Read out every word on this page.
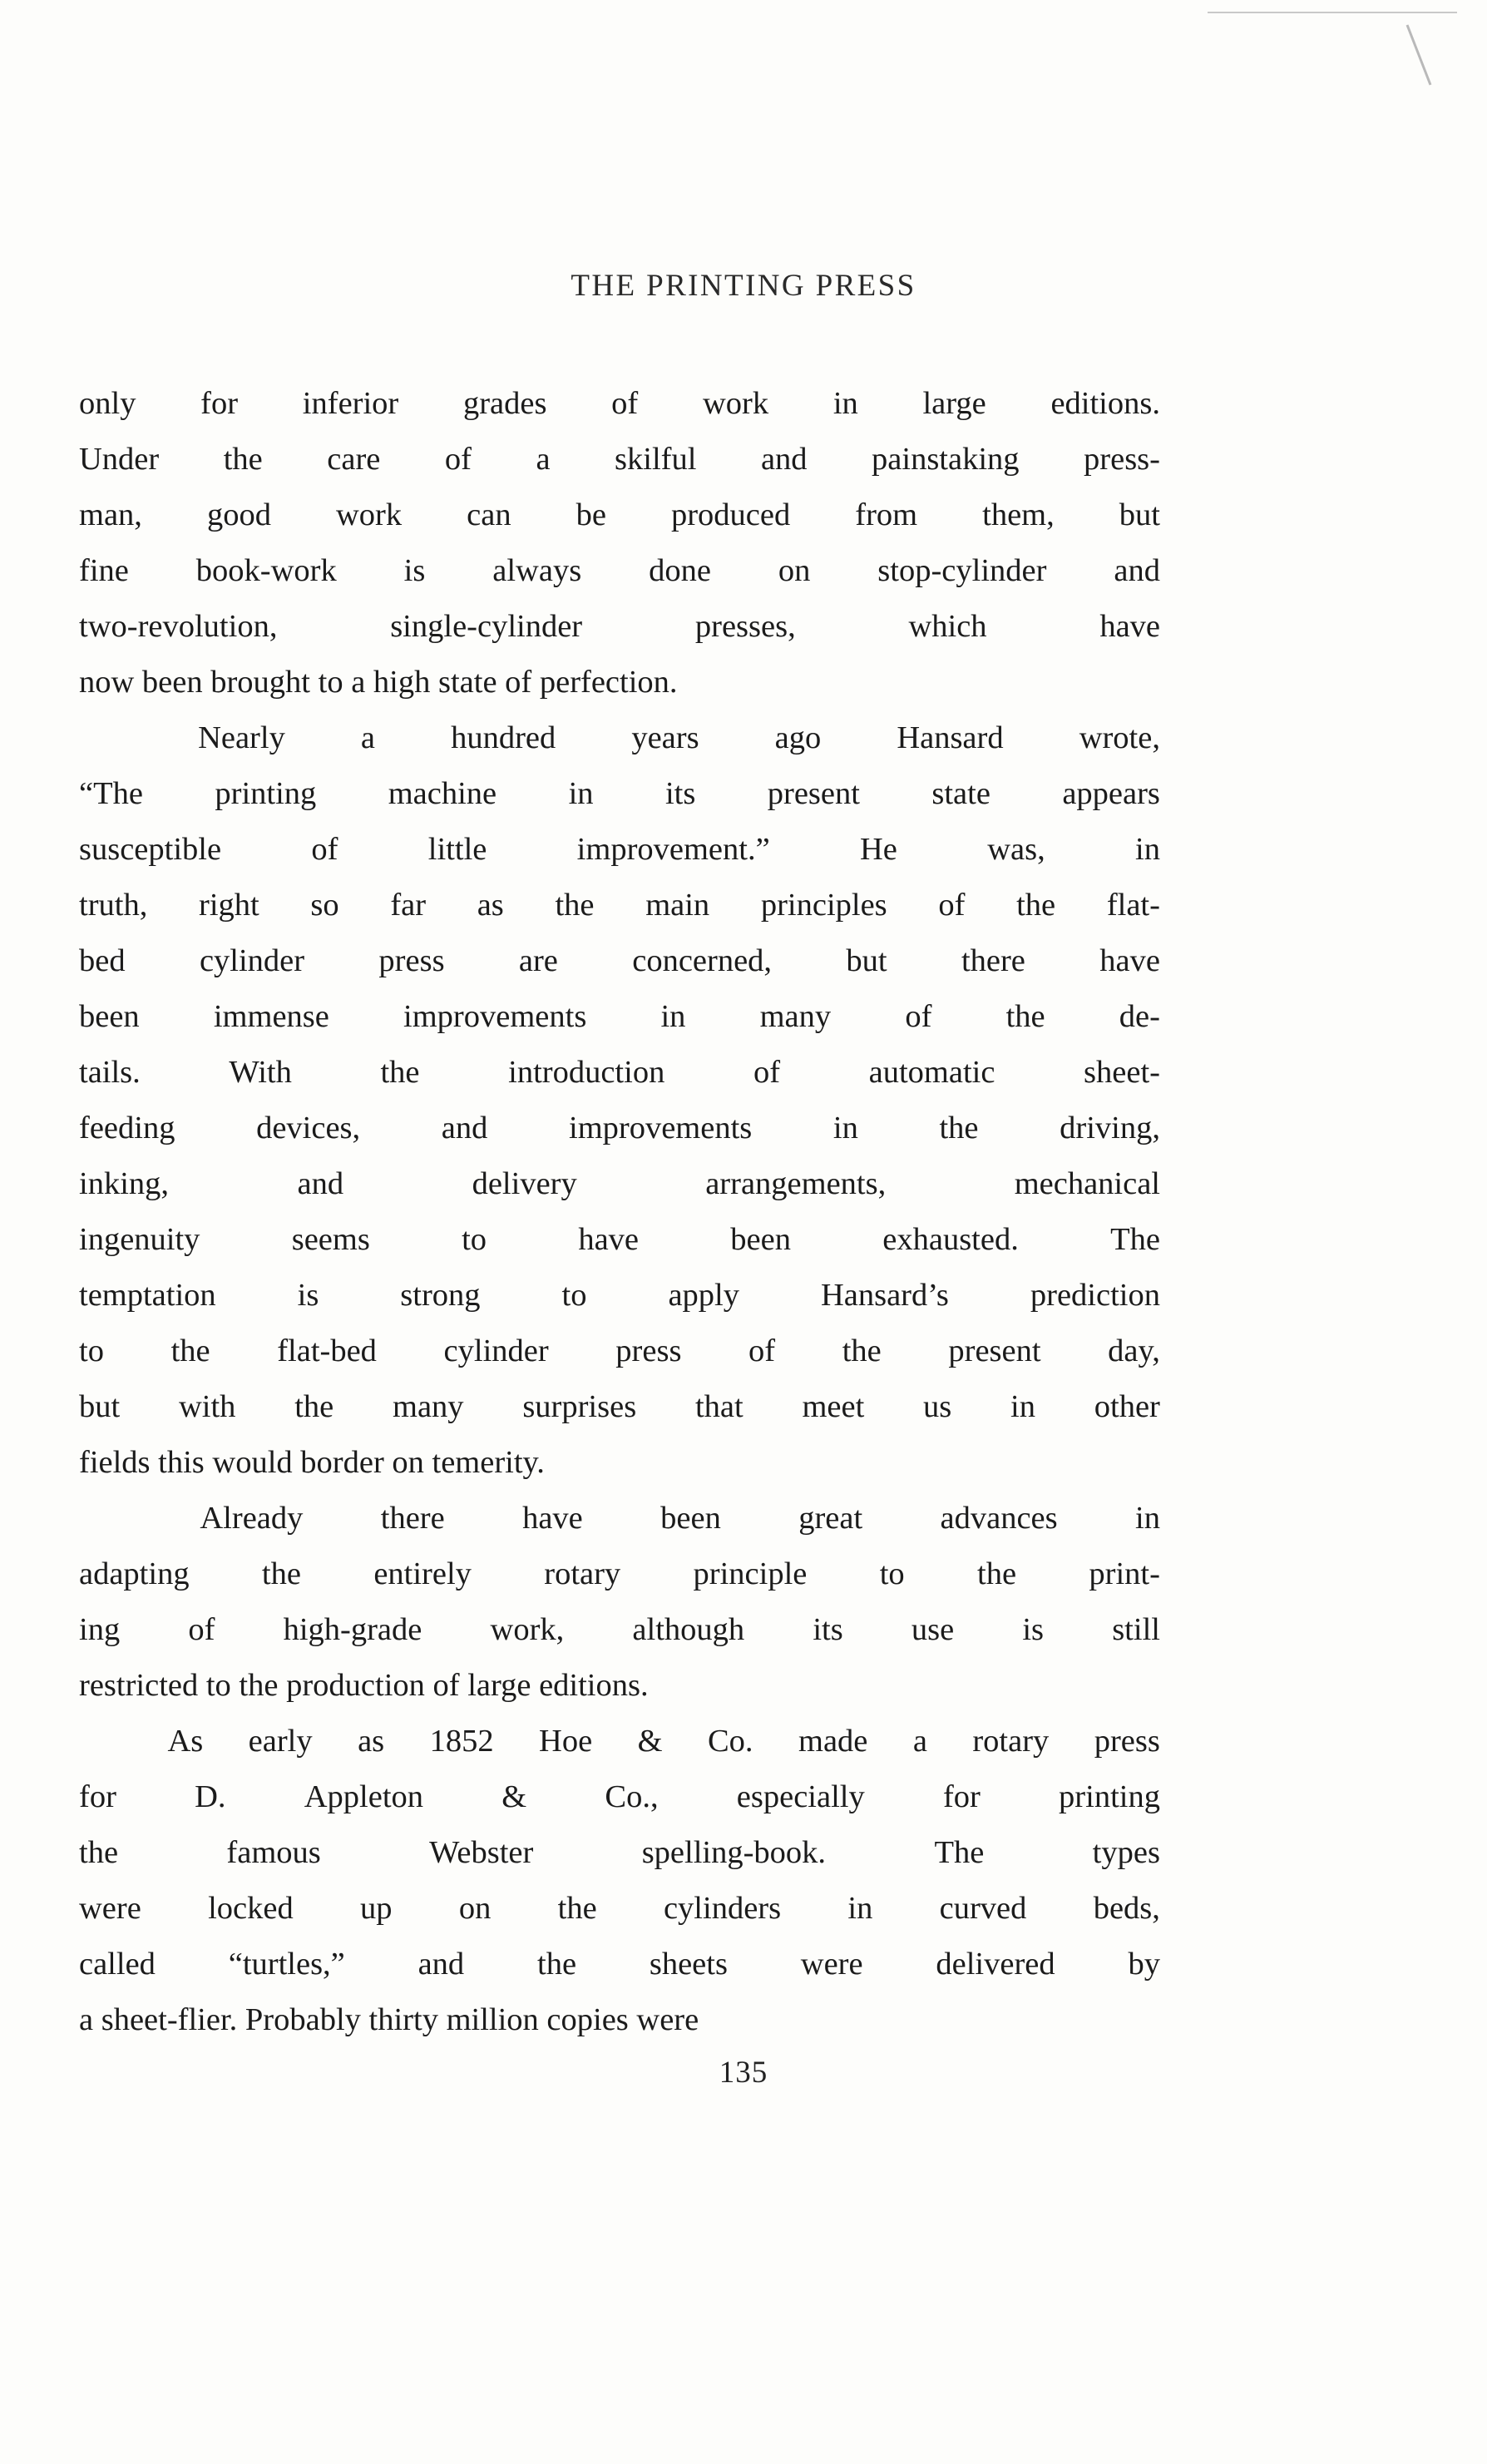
THE PRINTING PRESS

only for inferior grades of work in large editions.
Under the care of a skilful and painstaking press-
man, good work can be produced from them, but
fine book-work is always done on stop-cylinder and
two-revolution,	single-cylinder	presses,	which	have
now been brought to a high state of perfection.

Nearly a hundred years ago Hansard wrote,
“The printing machine in its present state appears
susceptible	of	little	improvement.”	He	was,	in
truth, right so far as the main principles of the flat-
bed cylinder press are concerned, but there have
been immense improvements in many of the de-
tails.	With	the	introduction	of	automatic	sheet-
feeding	devices,	and	improvements	in	the	driving,
inking,	and	delivery	arrangements,	mechanical
ingenuity	seems	to	have	been	exhausted.	The
temptation	is	strong	to	apply	Hansard’s	prediction
to the flat-bed cylinder press of the present day,
but with the many surprises that meet us in other
fields this would border on temerity.

Already there have been great advances in
adapting the entirely rotary principle to the print-
ing of high-grade work, although its use is still
restricted to the production of large editions.

As early as 1852 Hoe & Co. made a rotary press
for D. Appleton & Co., especially for printing
the	famous	Webster	spelling-book.	The	types
were locked up on the cylinders in curved beds,
called “turtles,” and the sheets were delivered by
a sheet-flier. Probably thirty million copies were

135
